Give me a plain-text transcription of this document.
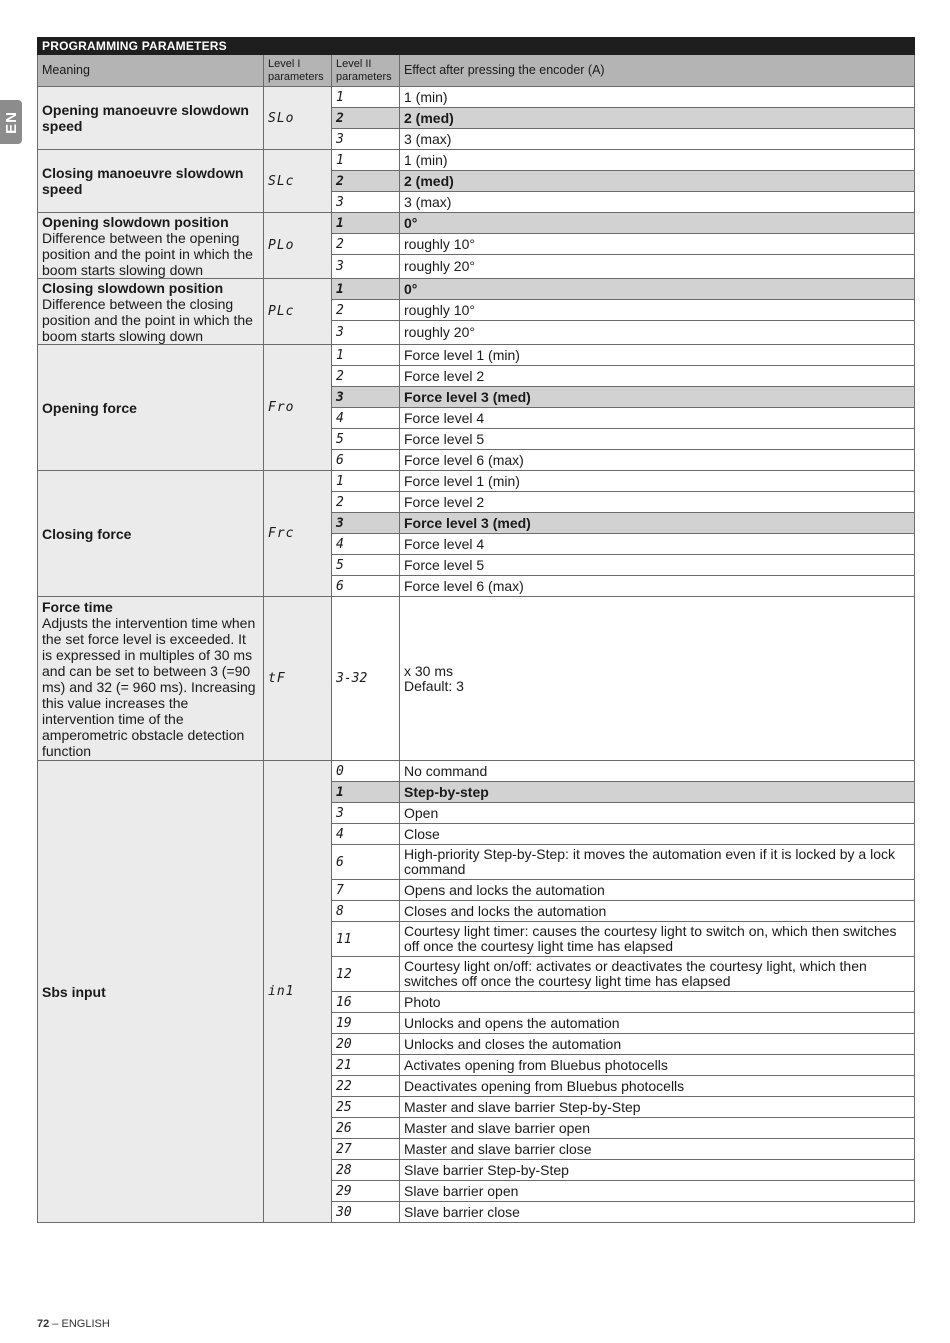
EN
PROGRAMMING PARAMETERS			
Meaning	Level I parameters	Level II parameters	Effect after pressing the encoder (A)

Opening manoeuvre slowdown speed	SLo	1	1 (min)
		2	2 (med)
		3	3 (max)

Closing manoeuvre slowdown speed	SLc	1	1 (min)
		2	2 (med)
		3	3 (max)

Opening slowdown position
Difference between the opening position and the point in which the boom starts slowing down	PLo	1	0°
		2	roughly 10°
		3	roughly 20°

Closing slowdown position
Difference between the closing position and the point in which the boom starts slowing down	PLc	1	0°
		2	roughly 10°
		3	roughly 20°

Opening force	Fro	1	Force level 1 (min)
		2	Force level 2
		3	Force level 3 (med)
		4	Force level 4
		5	Force level 5
		6	Force level 6 (max)

Closing force	Frc	1	Force level 1 (min)
		2	Force level 2
		3	Force level 3 (med)
		4	Force level 4
		5	Force level 5
		6	Force level 6 (max)

Force time
Adjusts the intervention time when the set force level is exceeded. It is expressed in multiples of 30 ms and can be set to between 3 (=90 ms) and 32 (= 960 ms). Increasing this value increases the intervention time of the amperometric obstacle detection function	tF	3-32	x 30 ms
Default: 3

Sbs input	in1	0	No command
		1	Step-by-step
		3	Open
		4	Close
		6	High-priority Step-by-Step: it moves the automation even if it is locked by a lock command
		7	Opens and locks the automation
		8	Closes and locks the automation
		11	Courtesy light timer: causes the courtesy light to switch on, which then switches off once the courtesy light time has elapsed
		12	Courtesy light on/off: activates or deactivates the courtesy light, which then switches off once the courtesy light time has elapsed
		16	Photo
		19	Unlocks and opens the automation
		20	Unlocks and closes the automation
		21	Activates opening from Bluebus photocells
		22	Deactivates opening from Bluebus photocells
		25	Master and slave barrier Step-by-Step
		26	Master and slave barrier open
		27	Master and slave barrier close
		28	Slave barrier Step-by-Step
		29	Slave barrier open
		30	Slave barrier close
72 – ENGLISH
